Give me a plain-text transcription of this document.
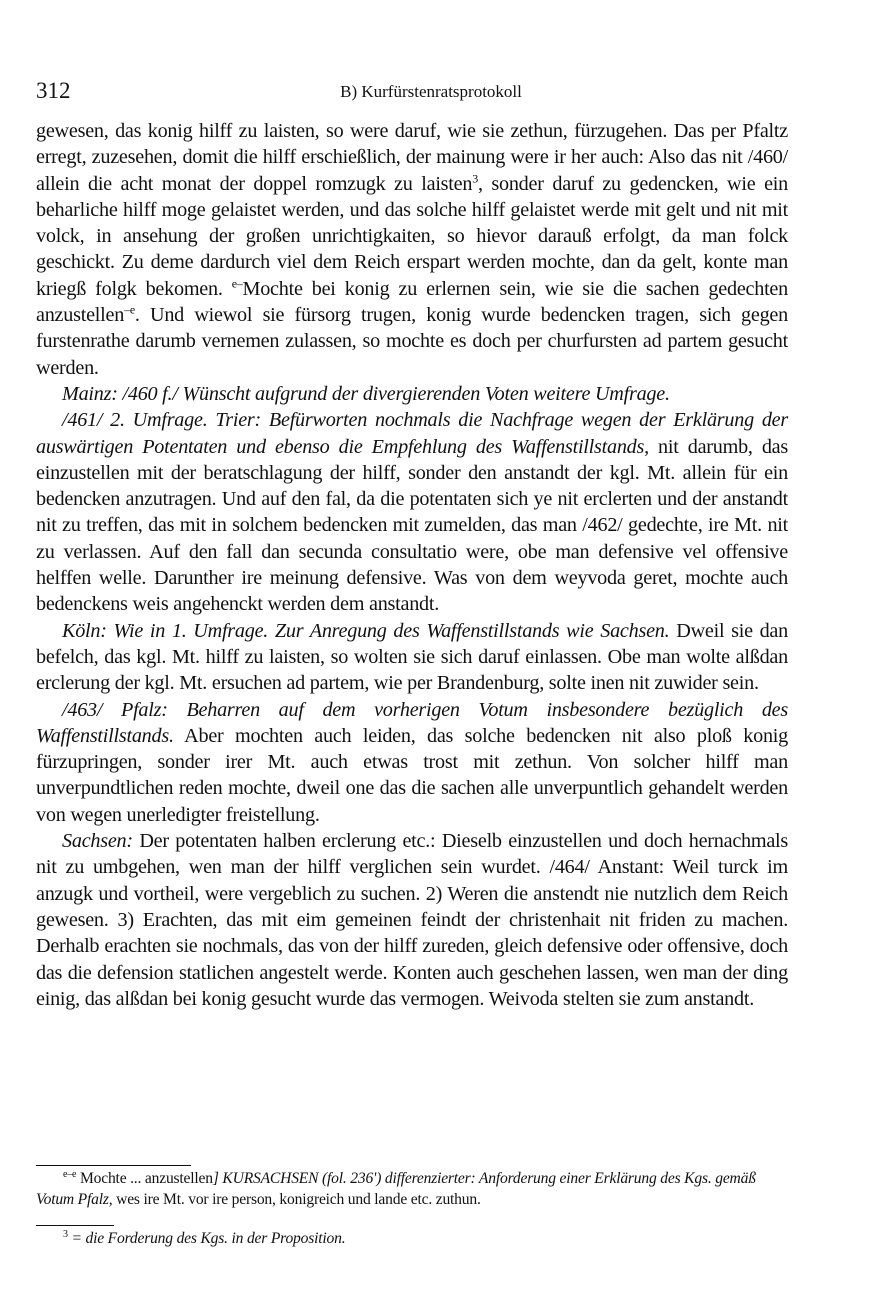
312	B) Kurfürstenratsprotokoll

gewesen, das konig hilff zu laisten, so were daruf, wie sie zethun, fürzugehen. Das per Pfaltz erregt, zuzesehen, domit die hilff erschießlich, der mainung were ir her auch: Also das nit /460/ allein die acht monat der doppel romzugk zu laisten$^3$, sonder daruf zu gedencken, wie ein beharliche hilff moge gelaistet werden, und das solche hilff gelaistet werde mit gelt und nit mit volck, in ansehung der großen unrichtigkaiten, so hievor darauß erfolgt, da man folck geschickt. Zu deme dardurch viel dem Reich erspart werden mochte, dan da gelt, konte man kriegß folgk bekomen. $^{e-}$Mochte bei konig zu erlernen sein, wie sie die sachen gedechten anzustellen$^{-e}$. Und wiewol sie fürsorg trugen, konig wurde bedencken tragen, sich gegen furstenrathe darumb vernemen zulassen, so mochte es doch per churfursten ad partem gesucht werden.

Mainz: /460 f./ Wünscht aufgrund der divergierenden Voten weitere Umfrage.

/461/ 2. Umfrage. Trier: Befürworten nochmals die Nachfrage wegen der Erklärung der auswärtigen Potentaten und ebenso die Empfehlung des Waffenstillstands, nit darumb, das einzustellen mit der beratschlagung der hilff, sonder den anstandt der kgl. Mt. allein für ein bedencken anzutragen. Und auf den fal, da die potentaten sich ye nit erclerten und der anstandt nit zu treffen, das mit in solchem bedencken mit zumelden, das man /462/ gedechte, ire Mt. nit zu verlassen. Auf den fall dan secunda consultatio were, obe man defensive vel offensive helffen welle. Darunther ire meinung defensive. Was von dem weyvoda geret, mochte auch bedenckens weis angehenckt werden dem anstandt.

Köln: Wie in 1. Umfrage. Zur Anregung des Waffenstillstands wie Sachsen. Dweil sie dan befelch, das kgl. Mt. hilff zu laisten, so wolten sie sich daruf einlassen. Obe man wolte alßdan erclerung der kgl. Mt. ersuchen ad partem, wie per Brandenburg, solte inen nit zuwider sein.

/463/ Pfalz: Beharren auf dem vorherigen Votum insbesondere bezüglich des Waffenstillstands. Aber mochten auch leiden, das solche bedencken nit also ploß konig fürzupringen, sonder irer Mt. auch etwas trost mit zethun. Von solcher hilff man unverpundtlichen reden mochte, dweil one das die sachen alle unverpuntlich gehandelt werden von wegen unerledigter freistellung.

Sachsen: Der potentaten halben erclerung etc.: Dieselb einzustellen und doch hernachmals nit zu umbgehen, wen man der hilff verglichen sein wurdet. /464/ Anstant: Weil turck im anzugk und vortheil, were vergeblich zu suchen. 2) Weren die anstendt nie nutzlich dem Reich gewesen. 3) Erachten, das mit eim gemeinen feindt der christenhait nit friden zu machen. Derhalb erachten sie nochmals, das von der hilff zureden, gleich defensive oder offensive, doch das die defension statlichen angestelt werde. Konten auch geschehen lassen, wen man der ding einig, das alßdan bei konig gesucht wurde das vermogen. Weivoda stelten sie zum anstandt.

$^{e-e}$ Mochte ... anzustellen] KURSACHSEN (fol. 236') differenzierter: Anforderung einer Erklärung des Kgs. gemäß Votum Pfalz, wes ire Mt. vor ire person, konigreich und lande etc. zuthun.

$^3$ = die Forderung des Kgs. in der Proposition.
